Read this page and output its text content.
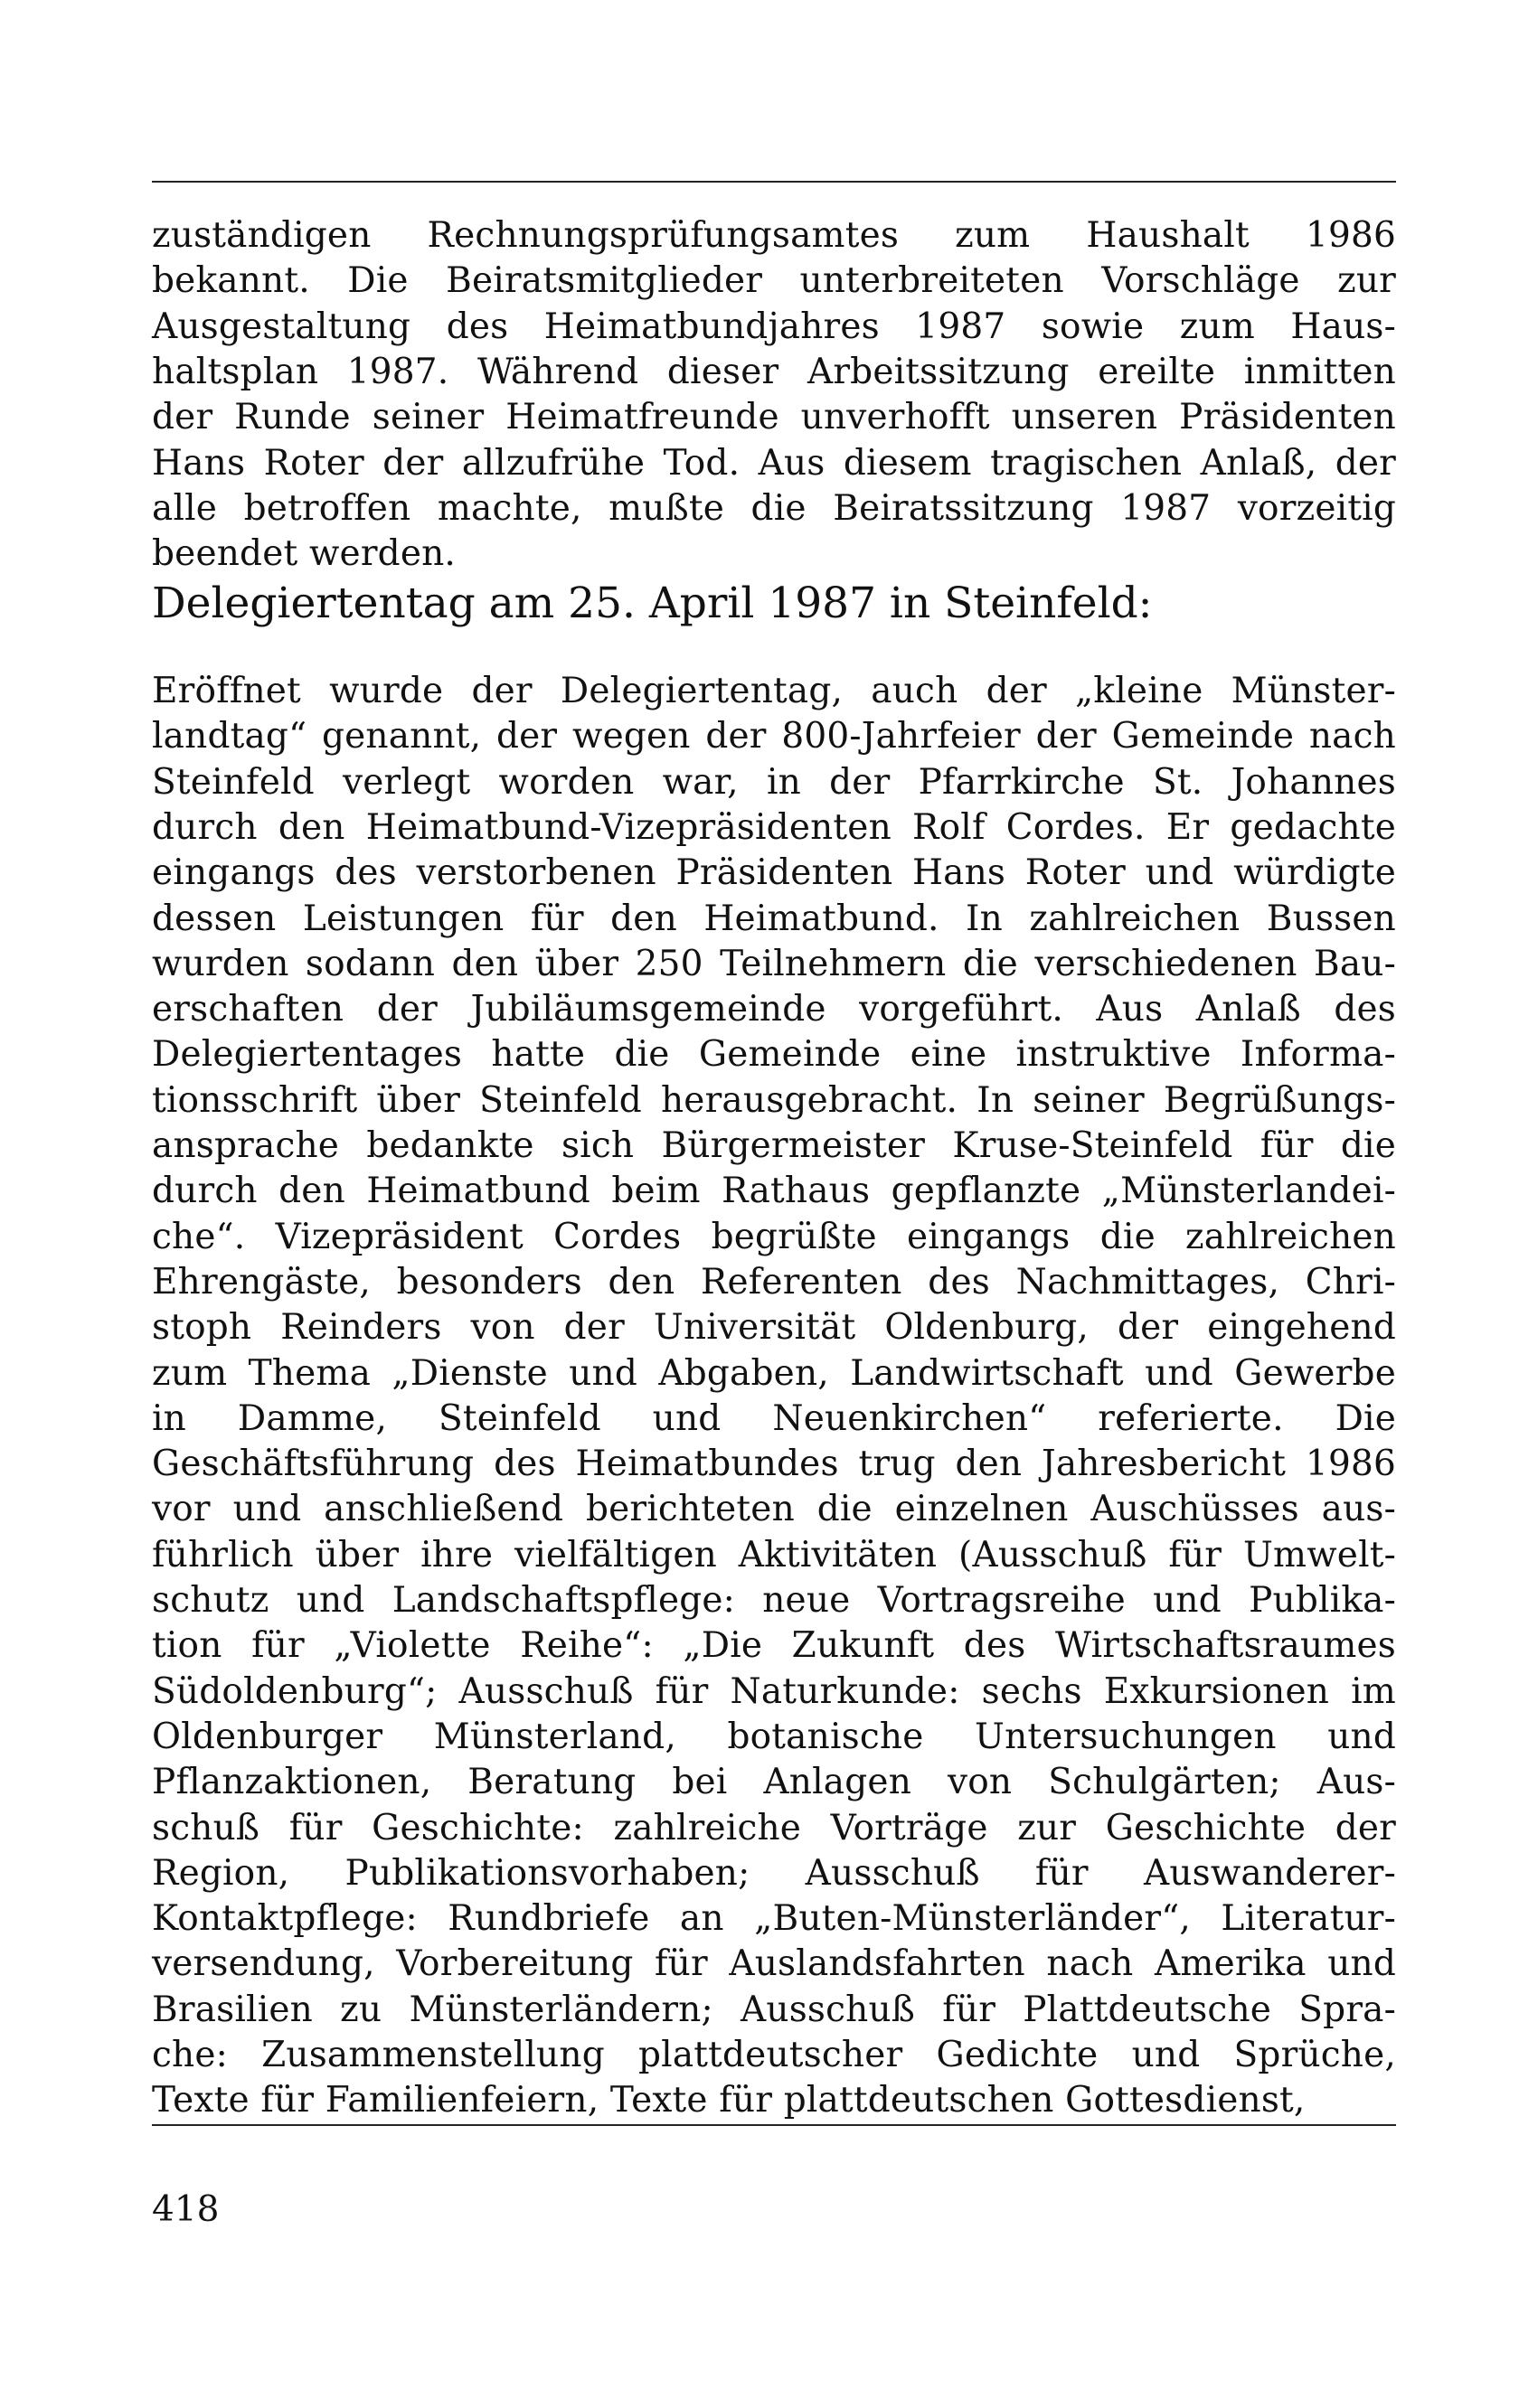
zuständigen Rechnungsprüfungsamtes zum Haushalt 1986
bekannt. Die Beiratsmitglieder unterbreiteten Vorschläge zur
Ausgestaltung des Heimatbundjahres 1987 sowie zum Haus-
haltsplan 1987. Während dieser Arbeitssitzung ereilte inmitten
der Runde seiner Heimatfreunde unverhofft unseren Präsidenten
Hans Roter der allzufrühe Tod. Aus diesem tragischen Anlaß, der
alle betroffen machte, mußte die Beiratssitzung 1987 vorzeitig
beendet werden.
Delegiertentag am 25. April 1987 in Steinfeld:
Eröffnet wurde der Delegiertentag, auch der „kleine Münster-
landtag“ genannt, der wegen der 800-Jahrfeier der Gemeinde nach
Steinfeld verlegt worden war, in der Pfarrkirche St. Johannes
durch den Heimatbund-Vizepräsidenten Rolf Cordes. Er gedachte
eingangs des verstorbenen Präsidenten Hans Roter und würdigte
dessen Leistungen für den Heimatbund. In zahlreichen Bussen
wurden sodann den über 250 Teilnehmern die verschiedenen Bau-
erschaften der Jubiläumsgemeinde vorgeführt. Aus Anlaß des
Delegiertentages hatte die Gemeinde eine instruktive Informa-
tionsschrift über Steinfeld herausgebracht. In seiner Begrüßungs-
ansprache bedankte sich Bürgermeister Kruse-Steinfeld für die
durch den Heimatbund beim Rathaus gepflanzte „Münsterlandei-
che“. Vizepräsident Cordes begrüßte eingangs die zahlreichen
Ehrengäste, besonders den Referenten des Nachmittages, Chri-
stoph Reinders von der Universität Oldenburg, der eingehend
zum Thema „Dienste und Abgaben, Landwirtschaft und Gewerbe
in Damme, Steinfeld und Neuenkirchen“ referierte. Die
Geschäftsführung des Heimatbundes trug den Jahresbericht 1986
vor und anschließend berichteten die einzelnen Auschüsses aus-
führlich über ihre vielfältigen Aktivitäten (Ausschuß für Umwelt-
schutz und Landschaftspflege: neue Vortragsreihe und Publika-
tion für „Violette Reihe“: „Die Zukunft des Wirtschaftsraumes
Südoldenburg“; Ausschuß für Naturkunde: sechs Exkursionen im
Oldenburger Münsterland, botanische Untersuchungen und
Pflanzaktionen, Beratung bei Anlagen von Schulgärten; Aus-
schuß für Geschichte: zahlreiche Vorträge zur Geschichte der
Region, Publikationsvorhaben; Ausschuß für Auswanderer-
Kontaktpflege: Rundbriefe an „Buten-Münsterländer“, Literatur-
versendung, Vorbereitung für Auslandsfahrten nach Amerika und
Brasilien zu Münsterländern; Ausschuß für Plattdeutsche Spra-
che: Zusammenstellung plattdeutscher Gedichte und Sprüche,
Texte für Familienfeiern, Texte für plattdeutschen Gottesdienst,
418
